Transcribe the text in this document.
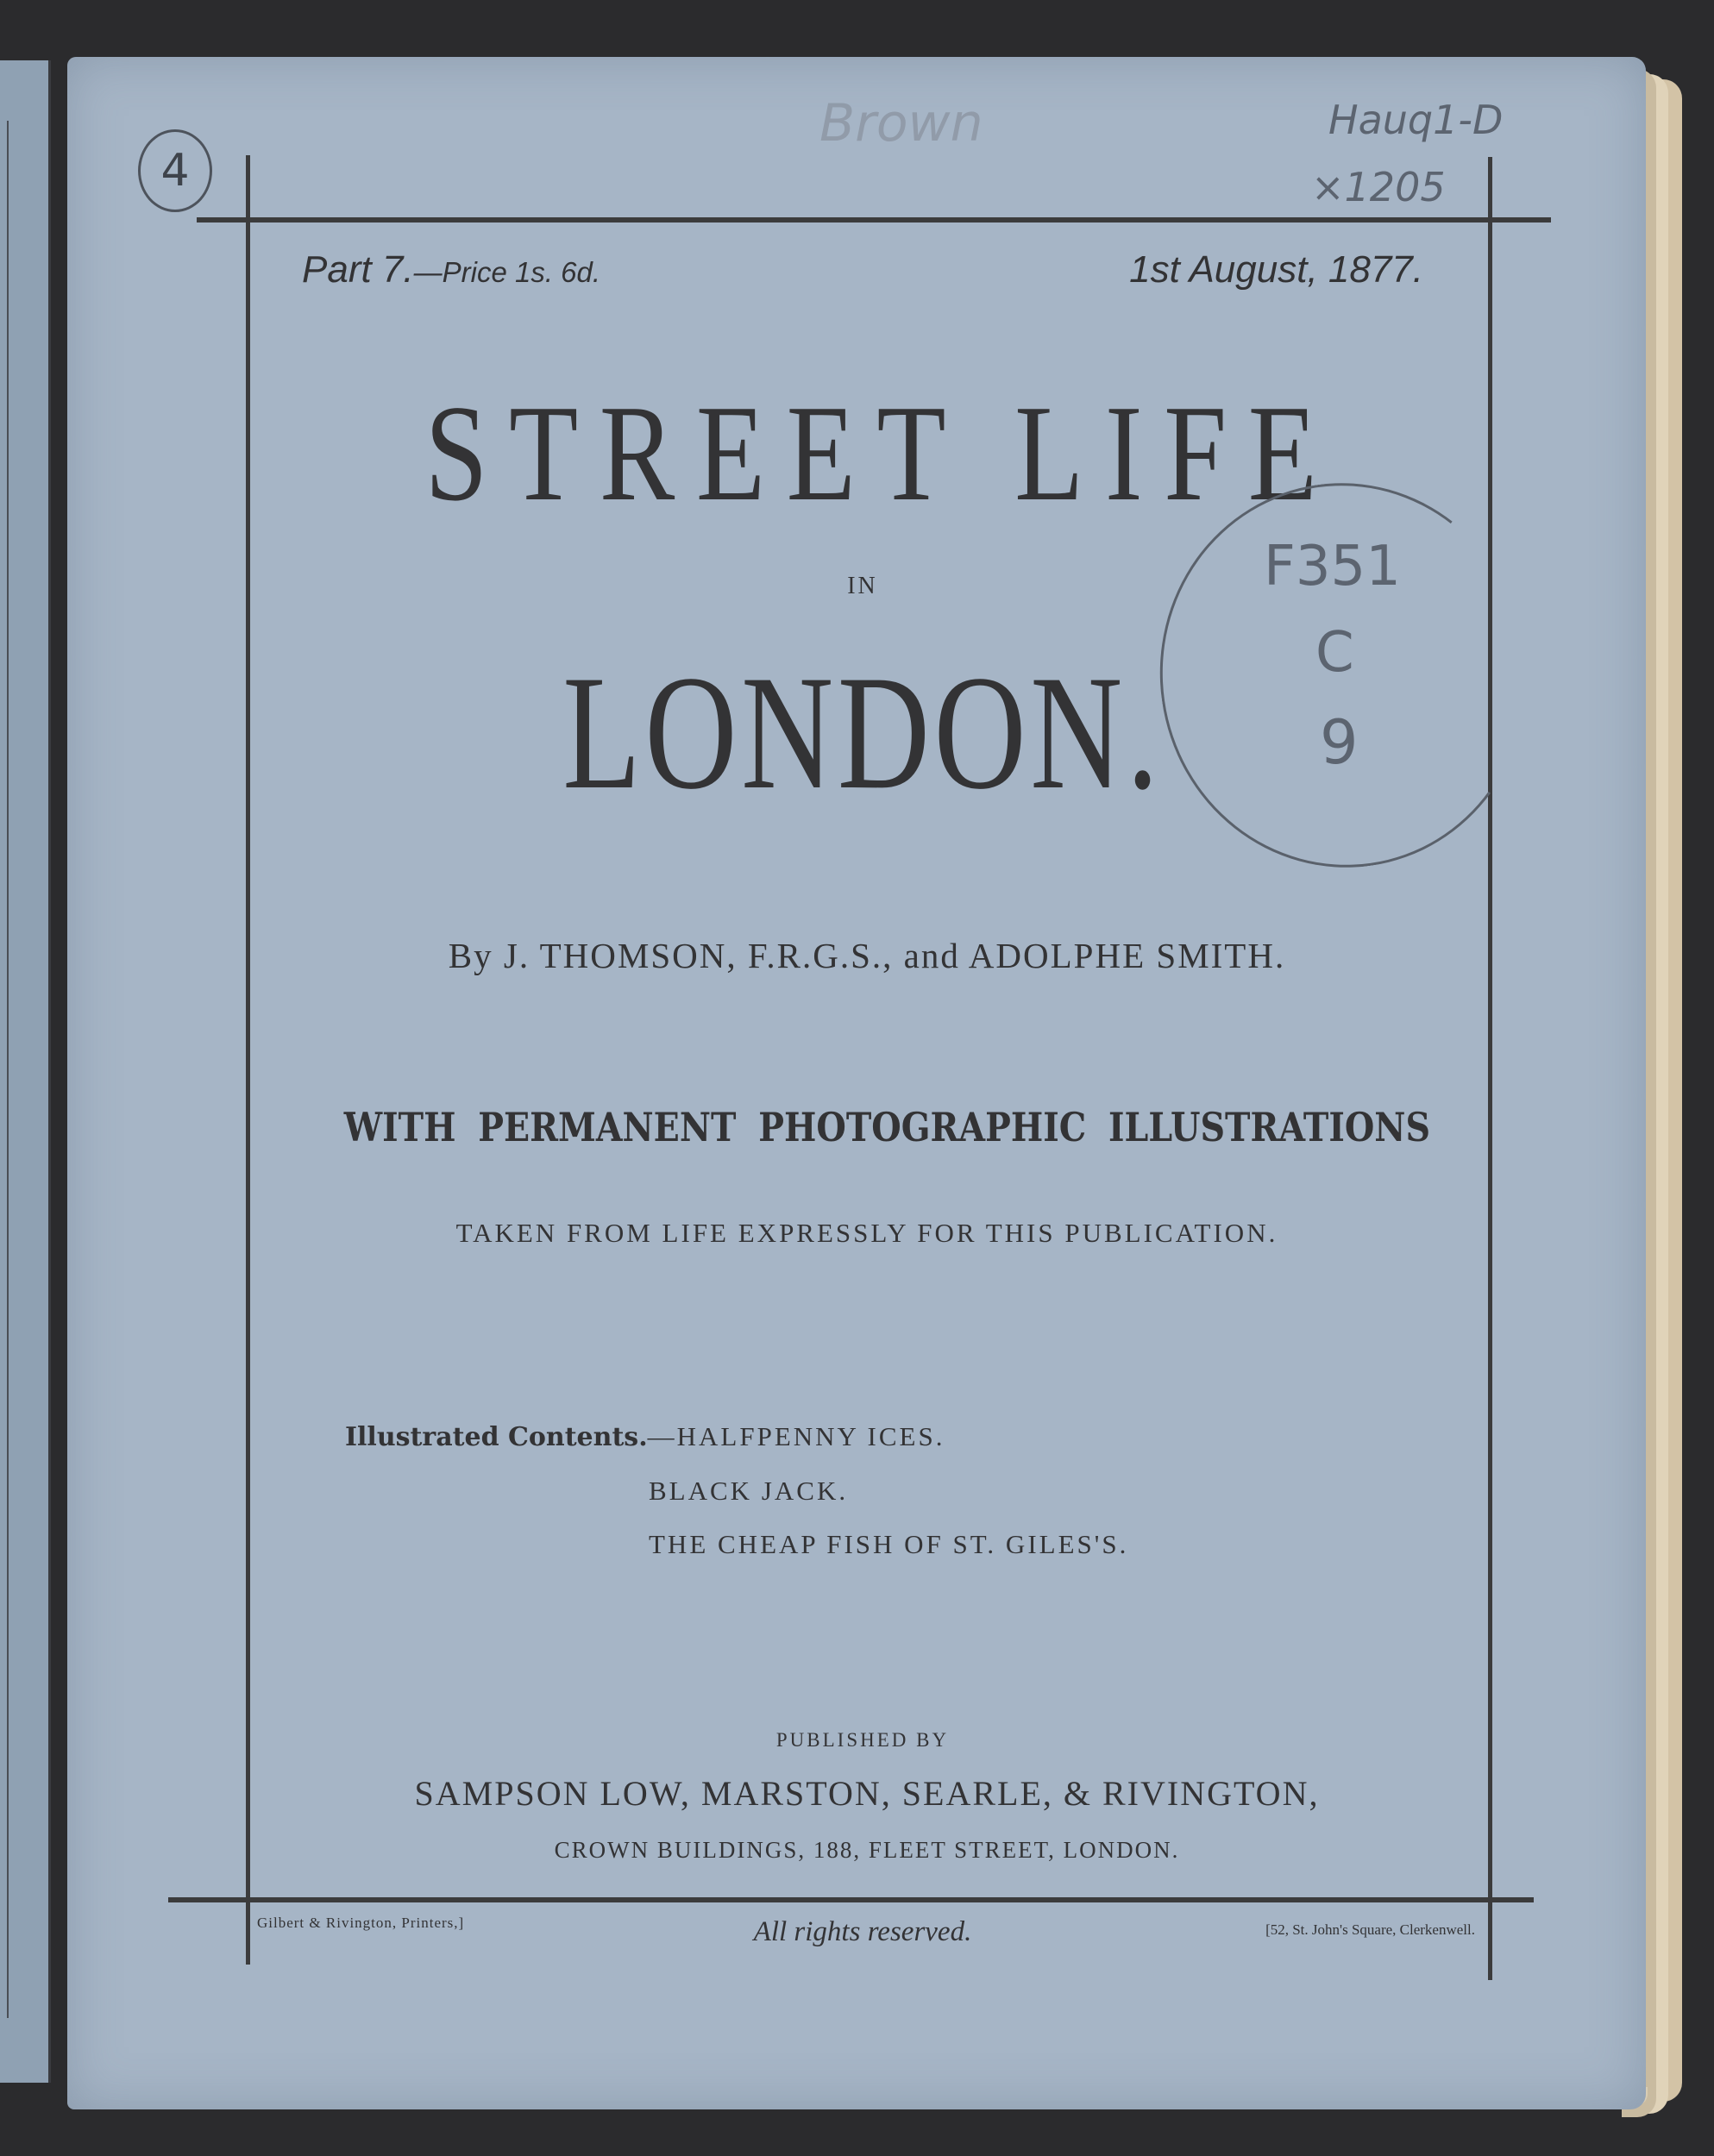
Part 7.—Price 1s. 6d.	1st August, 1877.
STREET LIFE
IN
LONDON.
By J. THOMSON, F.R.G.S., and ADOLPHE SMITH.
WITH PERMANENT PHOTOGRAPHIC ILLUSTRATIONS
TAKEN FROM LIFE EXPRESSLY FOR THIS PUBLICATION.
Illustrated Contents.—HALFPENNY ICES.
BLACK JACK.
THE CHEAP FISH OF ST. GILES'S.
PUBLISHED BY
SAMPSON LOW, MARSTON, SEARLE, & RIVINGTON,
CROWN BUILDINGS, 188, FLEET STREET, LONDON.
Gilbert & Rivington, Printers,]	All rights reserved.	[52, St. John's Square, Clerkenwell.
4
Brown	Hauq1-D
×1205
F351
C
9
